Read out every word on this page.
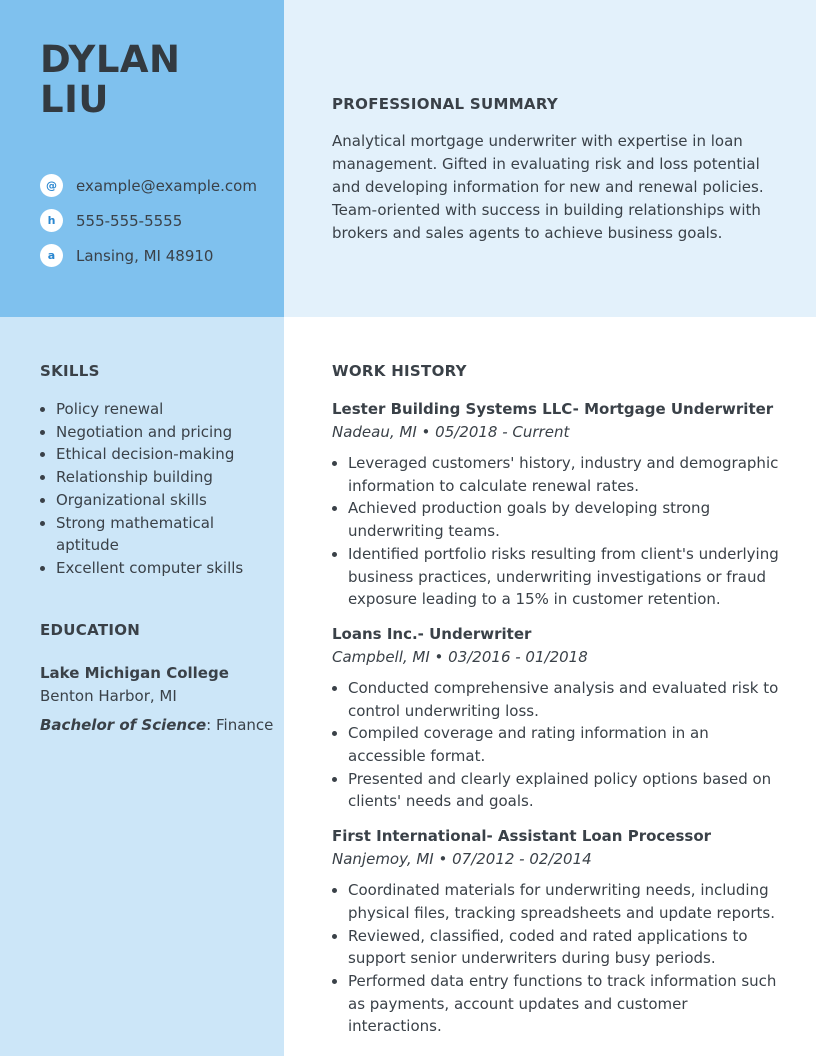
DYLAN
LIU
@	example@example.com
h	555-555-5555
a	Lansing, MI 48910
PROFESSIONAL SUMMARY

Analytical mortgage underwriter with expertise in loan management. Gifted in evaluating risk and loss potential and developing information for new and renewal policies. Team-oriented with success in building relationships with brokers and sales agents to achieve business goals.

SKILLS
• Policy renewal
• Negotiation and pricing
• Ethical decision-making
• Relationship building
• Organizational skills
• Strong mathematical aptitude
• Excellent computer skills
EDUCATION
Lake Michigan College
Benton Harbor, MI
Bachelor of Science: Finance
WORK HISTORY
Lester Building Systems LLC- Mortgage Underwriter
Nadeau, MI • 05/2018 - Current
• Leveraged customers' history, industry and demographic information to calculate renewal rates.
• Achieved production goals by developing strong underwriting teams.
• Identified portfolio risks resulting from client's underlying business practices, underwriting investigations or fraud exposure leading to a 15% in customer retention.
Loans Inc.- Underwriter
Campbell, MI • 03/2016 - 01/2018
• Conducted comprehensive analysis and evaluated risk to control underwriting loss.
• Compiled coverage and rating information in an accessible format.
• Presented and clearly explained policy options based on clients' needs and goals.
First International- Assistant Loan Processor
Nanjemoy, MI • 07/2012 - 02/2014
• Coordinated materials for underwriting needs, including physical files, tracking spreadsheets and update reports.
• Reviewed, classified, coded and rated applications to support senior underwriters during busy periods.
• Performed data entry functions to track information such as payments, account updates and customer interactions.
